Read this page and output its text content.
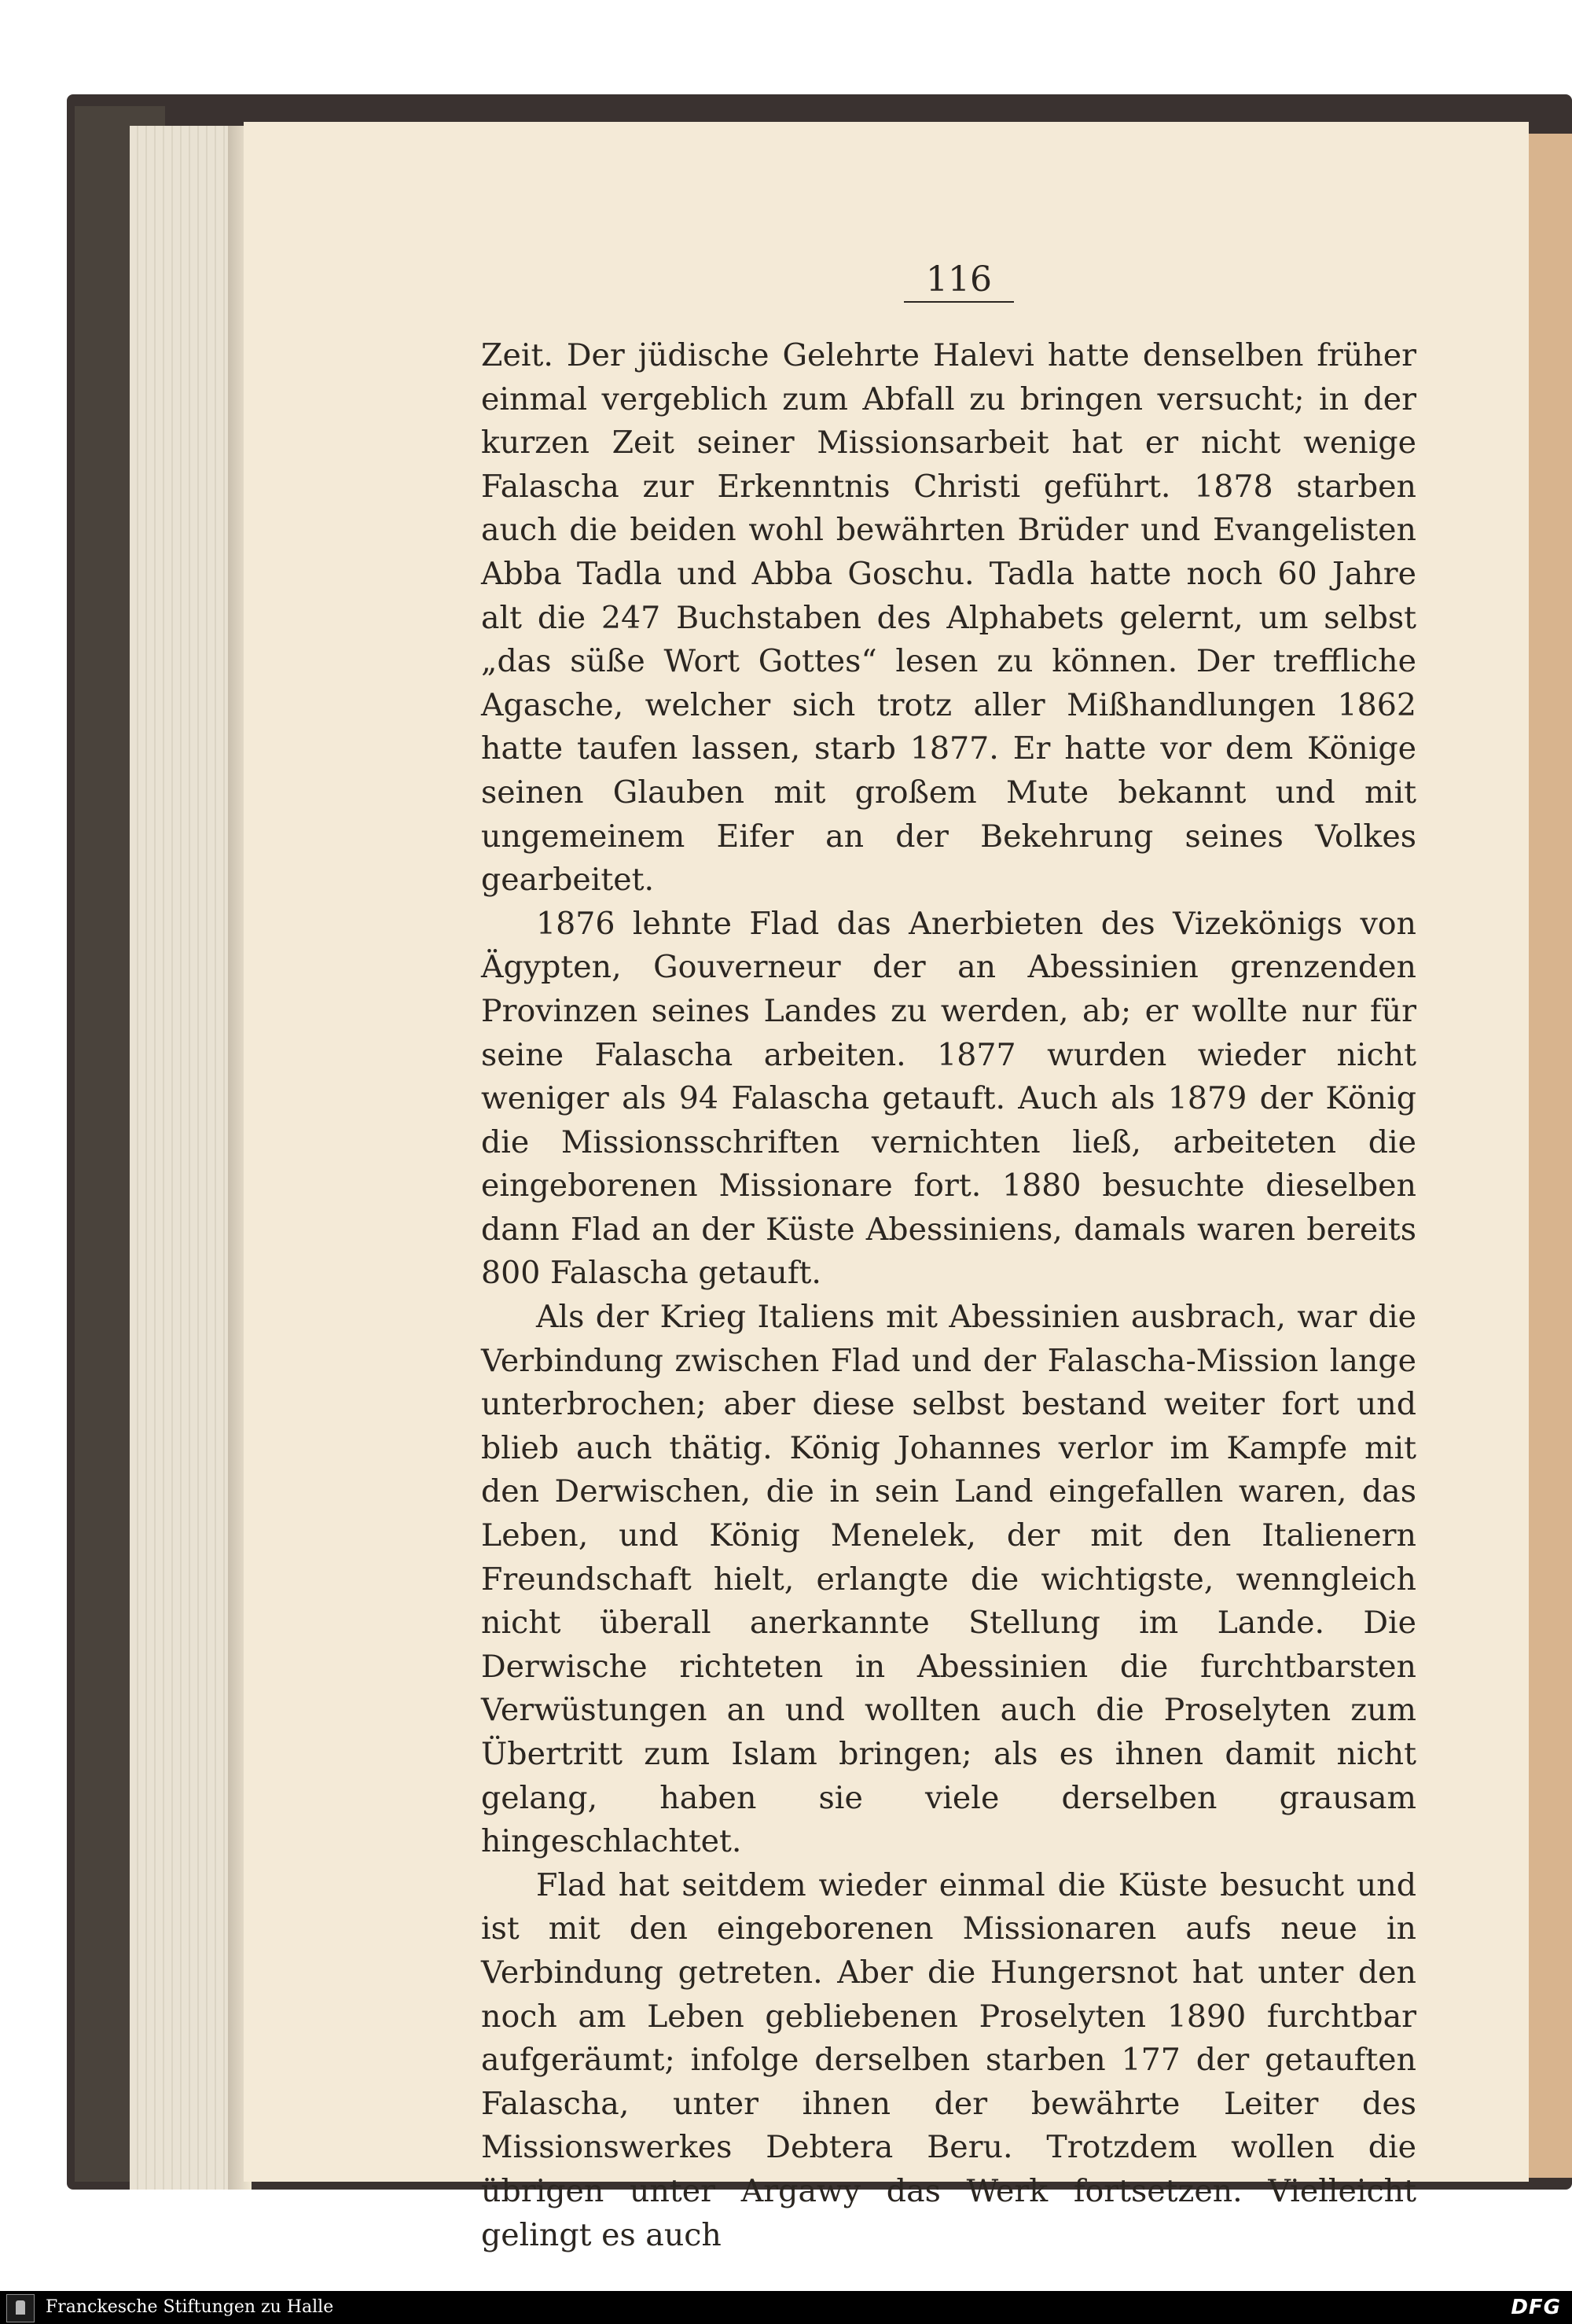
116

Zeit. Der jüdische Gelehrte Halevi hatte denselben früher einmal vergeblich zum Abfall zu bringen versucht; in der kurzen Zeit seiner Missionsarbeit hat er nicht wenige Falascha zur Erkenntnis Christi geführt. 1878 starben auch die beiden wohl bewährten Brüder und Evangelisten Abba Tadla und Abba Goschu. Tadla hatte noch 60 Jahre alt die 247 Buchstaben des Alphabets gelernt, um selbst „das süße Wort Gottes“ lesen zu können. Der treffliche Agasche, welcher sich trotz aller Mißhandlungen 1862 hatte taufen lassen, starb 1877. Er hatte vor dem Könige seinen Glauben mit großem Mute bekannt und mit ungemeinem Eifer an der Bekehrung seines Volkes gearbeitet.

1876 lehnte Flad das Anerbieten des Vizekönigs von Ägypten, Gouverneur der an Abessinien grenzenden Provinzen seines Landes zu werden, ab; er wollte nur für seine Falascha arbeiten. 1877 wurden wieder nicht weniger als 94 Falascha getauft. Auch als 1879 der König die Missionsschriften vernichten ließ, arbeiteten die eingeborenen Missionare fort. 1880 besuchte dieselben dann Flad an der Küste Abessiniens, damals waren bereits 800 Falascha getauft.

Als der Krieg Italiens mit Abessinien ausbrach, war die Verbindung zwischen Flad und der Falascha-Mission lange unterbrochen; aber diese selbst bestand weiter fort und blieb auch thätig. König Johannes verlor im Kampfe mit den Derwischen, die in sein Land eingefallen waren, das Leben, und König Menelek, der mit den Italienern Freundschaft hielt, erlangte die wichtigste, wenngleich nicht überall anerkannte Stellung im Lande. Die Derwische richteten in Abessinien die furchtbarsten Verwüstungen an und wollten auch die Proselyten zum Übertritt zum Islam bringen; als es ihnen damit nicht gelang, haben sie viele derselben grausam hingeschlachtet.

Flad hat seitdem wieder einmal die Küste besucht und ist mit den eingeborenen Missionaren aufs neue in Verbindung getreten. Aber die Hungersnot hat unter den noch am Leben gebliebenen Proselyten 1890 furchtbar aufgeräumt; infolge derselben starben 177 der getauften Falascha, unter ihnen der bewährte Leiter des Missionswerkes Debtera Beru. Trotzdem wollen die übrigen unter Argawy das Werk fortsetzen. Vielleicht gelingt es auch

Franckesche Stiftungen zu Halle	DFG
